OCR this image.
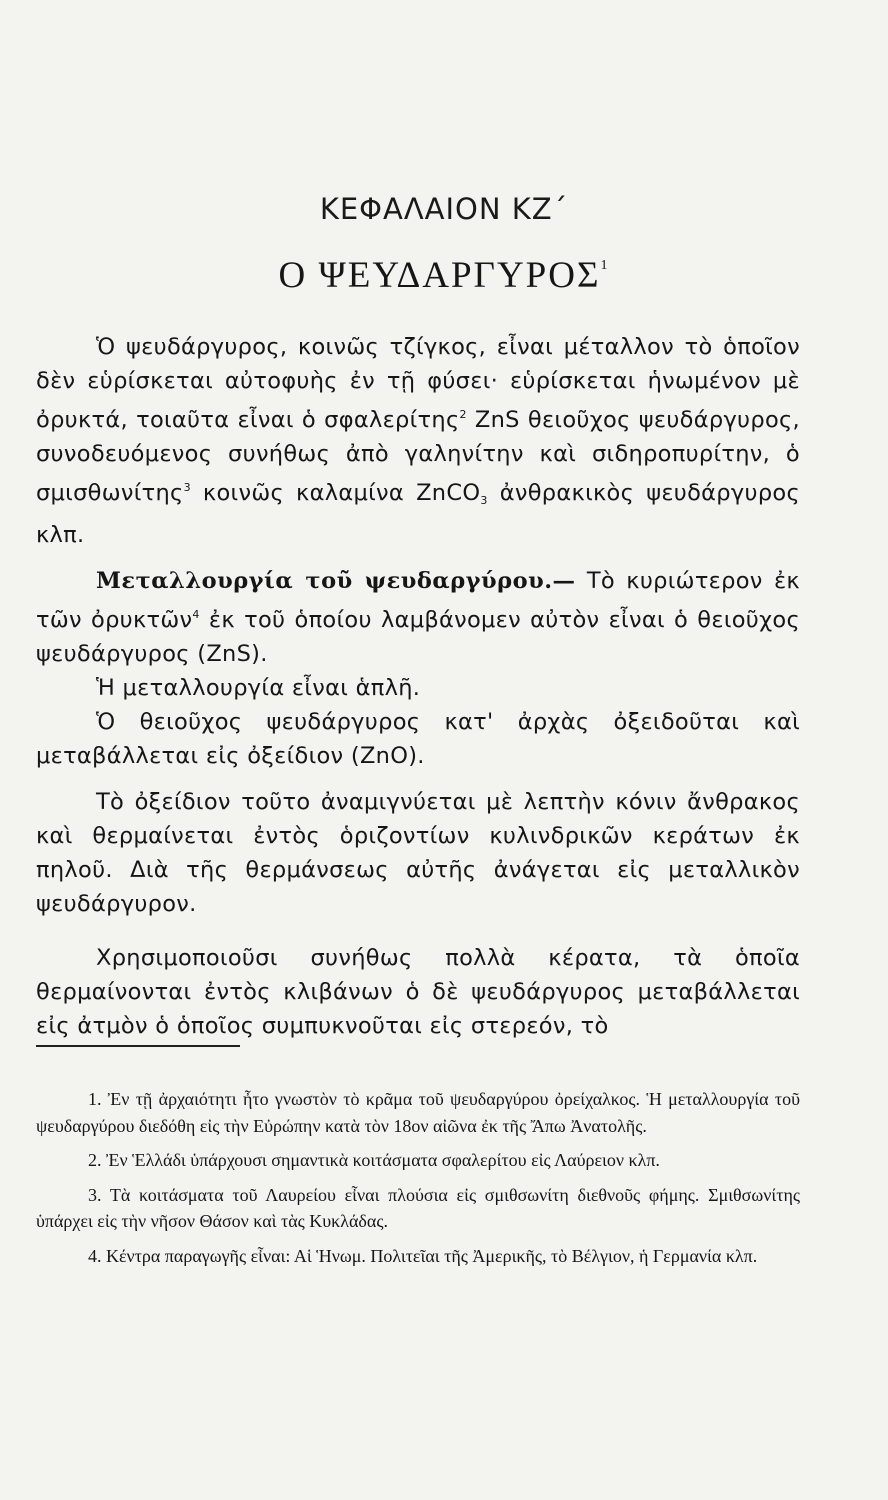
ΚΕΦΑΛΑΙΟΝ ΚΖ΄
Ο ΨΕΥΔΑΡΓΥΡΟΣ$^1$

Ὁ ψευδάργυρος, κοινῶς τζίγκος, εἶναι μέταλλον τὸ ὁποῖον δὲν εὑρίσκεται αὐτοφυὴς ἐν τῇ φύσει· εὑρίσκεται ἡνωμένον μὲ ὀρυκτά, τοιαῦτα εἶναι ὁ σφαλερίτης$^2$ ZnS θειοῦχος ψευδάργυρος, συνοδευόμενος συνήθως ἀπὸ γαληνίτην καὶ σιδηροπυρίτην, ὁ σμισθωνίτης$^3$ κοινῶς καλαμίνα ZnCO$_3$ ἀνθρακικὸς ψευδάργυρος κλπ.

Μεταλλουργία τοῦ ψευδαργύρου.— Τὸ κυριώτερον ἐκ τῶν ὀρυκτῶν$^4$ ἐκ τοῦ ὁποίου λαμβάνομεν αὐτὸν εἶναι ὁ θειοῦχος ψευδάργυρος (ZnS).

Ἡ μεταλλουργία εἶναι ἁπλῆ.

Ὁ θειοῦχος ψευδάργυρος κατ' ἀρχὰς ὀξειδοῦται καὶ μεταβάλλεται εἰς ὀξείδιον (ZnO).

Τὸ ὀξείδιον τοῦτο ἀναμιγνύεται μὲ λεπτὴν κόνιν ἄνθρακος καὶ θερμαίνεται ἐντὸς ὁριζοντίων κυλινδρικῶν κεράτων ἐκ πηλοῦ. Διὰ τῆς θερμάνσεως αὐτῆς ἀνάγεται εἰς μεταλλικὸν ψευδάργυρον.

Χρησιμοποιοῦσι συνήθως πολλὰ κέρατα, τὰ ὁποῖα θερμαίνονται ἐντὸς κλιβάνων ὁ δὲ ψευδάργυρος μεταβάλλεται εἰς ἀτμὸν ὁ ὁποῖος συμπυκνοῦται εἰς στερεόν, τὸ

1. Ἐν τῇ ἀρχαιότητι ἦτο γνωστὸν τὸ κρᾶμα τοῦ ψευδαργύρου ὀρείχαλκος. Ἡ μεταλλουργία τοῦ ψευδαργύρου διεδόθη εἰς τὴν Εὐρώπην κατὰ τὸν 18ον αἰῶνα ἐκ τῆς Ἄπω Ἀνατολῆς.

2. Ἐν Ἑλλάδι ὑπάρχουσι σημαντικὰ κοιτάσματα σφαλερίτου εἰς Λαύρειον κλπ.

3. Τὰ κοιτάσματα τοῦ Λαυρείου εἶναι πλούσια εἰς σμιθσωνίτη διεθνοῦς φήμης. Σμιθσωνίτης ὑπάρχει εἰς τὴν νῆσον Θάσον καὶ τὰς Κυκλάδας.

4. Κέντρα παραγωγῆς εἶναι: Αἱ Ἡνωμ. Πολιτεῖαι τῆς Ἀμερικῆς, τὸ Βέλγιον, ἡ Γερμανία κλπ.
